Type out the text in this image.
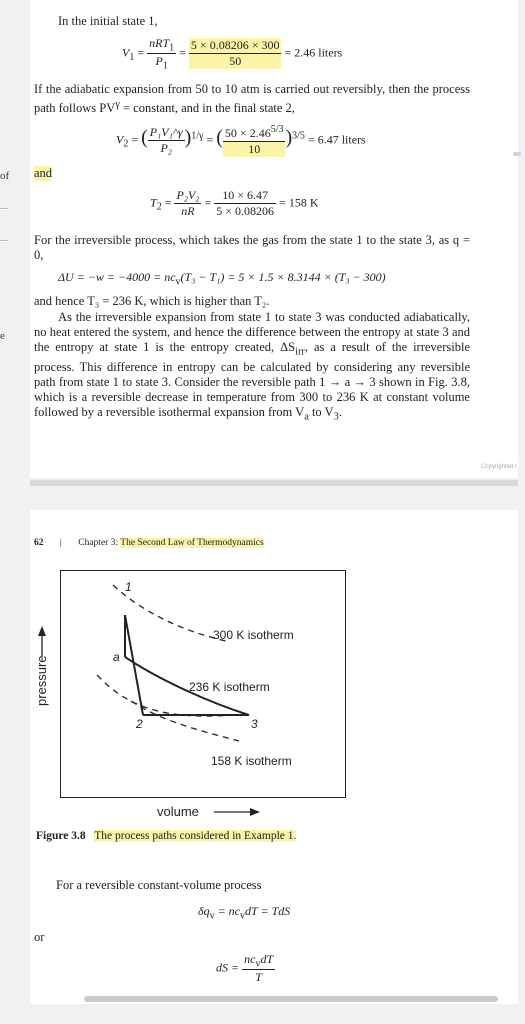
In the initial state 1,
$V_1 = \frac{nRT_1}{P_1} = \frac{5 \times 0.08206 \times 300}{50} = 2.46$ liters
If the adiabatic expansion from 50 to 10 atm is carried out reversibly, then the process path follows $PV^\gamma$ = constant, and in the final state 2,
$V_2$ = ( $\frac{\text{P₁V₁\textasciicircum{}γ}}{\text{P₂}} )^{1/\gamma}$ = ( $\frac{50 \times 2.46^{5/3}}{10} )^{3/5} = 6.47$ liters
and
$T_2 = \frac{\text{P₂V₂}}{nR} = \frac{10 \times 6.47}{5 \times 0.08206} = 158$ K
For the irreversible process, which takes the gas from the state 1 to the state 3, as q = 0,
$\Delta U = -w = -4000 = nc_v(T_3 - T_1) = 5 \times 1.5 \times 8.3144 \times (T_3 - 300)$
and hence T₃ = 236 K, which is higher than T₂.
As the irreversible expansion from state 1 to state 3 was conducted adiabatically, no heat entered the system, and hence the difference between the entropy at state 3 and the entropy at state 1 is the entropy created, $\Delta S_{irr}$, as a result of the irreversible process. This difference in entropy can be calculated by considering any reversible path from state 1 to state 3. Consider the reversible path 1 → a → 3 shown in Fig. 3.8, which is a reversible decrease in temperature from 300 to 236 K at constant volume followed by a reversible isothermal expansion from $V_a$ to $V_3$.
Copyrighted r
of
e
62 | Chapter 3: The Second Law of Thermodynamics
1
a
2	3
300 K isotherm
236 K isotherm
158 K isotherm
pressure
volume
Figure 3.8 The process paths considered in Example 1.
For a reversible constant-volume process
$\delta q_v = nc_vdT$ = TdS
or
dS = $\frac{nc_vdT}{T}$
